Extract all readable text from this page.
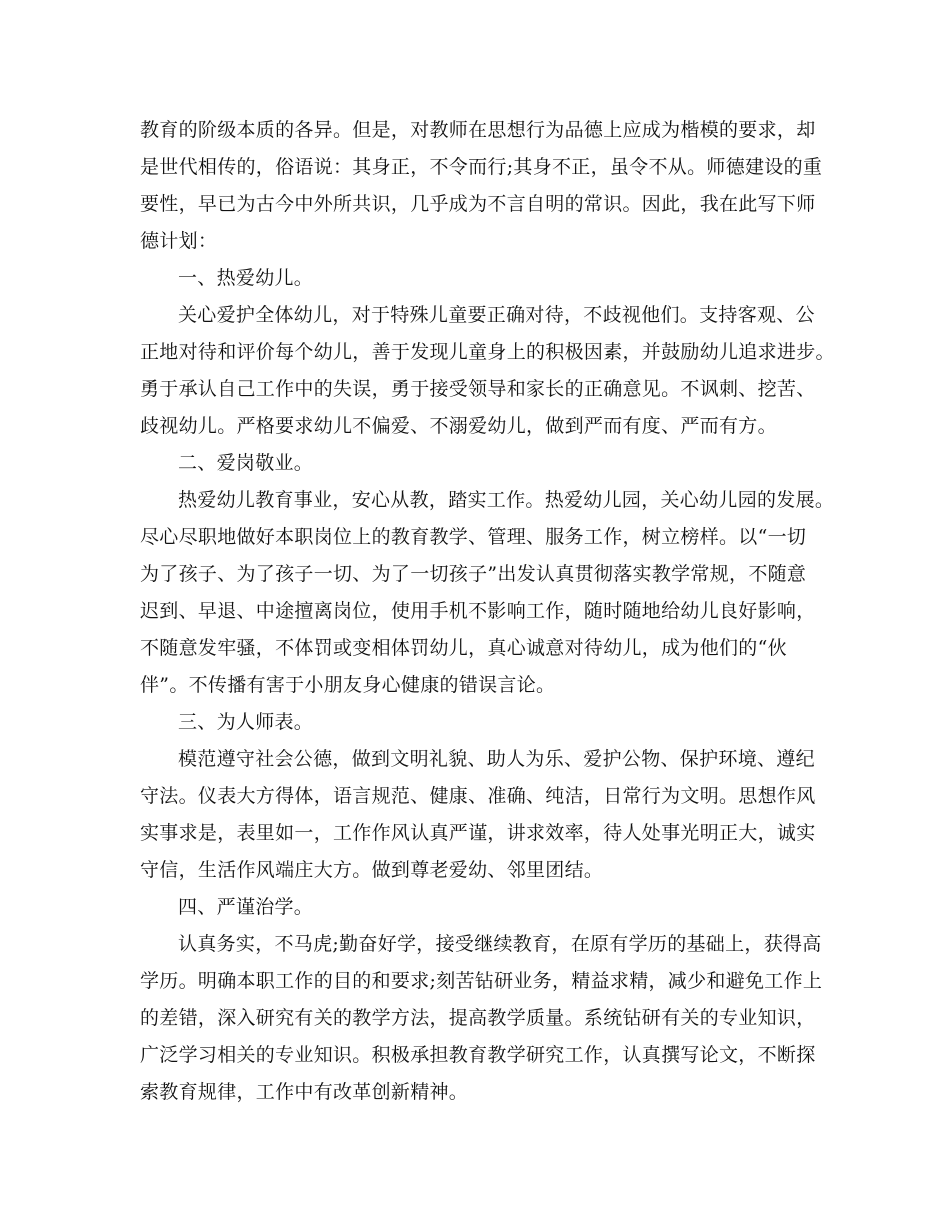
教育的阶级本质的各异。但是，对教师在思想行为品德上应成为楷模的要求，却
是世代相传的，俗语说：其身正，不令而行;其身不正，虽令不从。师德建设的重
要性，早已为古今中外所共识，几乎成为不言自明的常识。因此，我在此写下师
德计划：
一、热爱幼儿。
关心爱护全体幼儿，对于特殊儿童要正确对待，不歧视他们。支持客观、公
正地对待和评价每个幼儿，善于发现儿童身上的积极因素，并鼓励幼儿追求进步。
勇于承认自己工作中的失误，勇于接受领导和家长的正确意见。不讽刺、挖苦、
歧视幼儿。严格要求幼儿不偏爱、不溺爱幼儿，做到严而有度、严而有方。
二、爱岗敬业。
热爱幼儿教育事业，安心从教，踏实工作。热爱幼儿园，关心幼儿园的发展。
尽心尽职地做好本职岗位上的教育教学、管理、服务工作，树立榜样。以“一切
为了孩子、为了孩子一切、为了一切孩子”出发认真贯彻落实教学常规，不随意
迟到、早退、中途擅离岗位，使用手机不影响工作，随时随地给幼儿良好影响，
不随意发牢骚，不体罚或变相体罚幼儿，真心诚意对待幼儿，成为他们的“伙
伴”。不传播有害于小朋友身心健康的错误言论。
三、为人师表。
模范遵守社会公德，做到文明礼貌、助人为乐、爱护公物、保护环境、遵纪
守法。仪表大方得体，语言规范、健康、准确、纯洁，日常行为文明。思想作风
实事求是，表里如一，工作作风认真严谨，讲求效率，待人处事光明正大，诚实
守信，生活作风端庄大方。做到尊老爱幼、邻里团结。
四、严谨治学。
认真务实，不马虎;勤奋好学，接受继续教育，在原有学历的基础上，获得高
学历。明确本职工作的目的和要求;刻苦钻研业务，精益求精，减少和避免工作上
的差错，深入研究有关的教学方法，提高教学质量。系统钻研有关的专业知识，
广泛学习相关的专业知识。积极承担教育教学研究工作，认真撰写论文，不断探
索教育规律，工作中有改革创新精神。
